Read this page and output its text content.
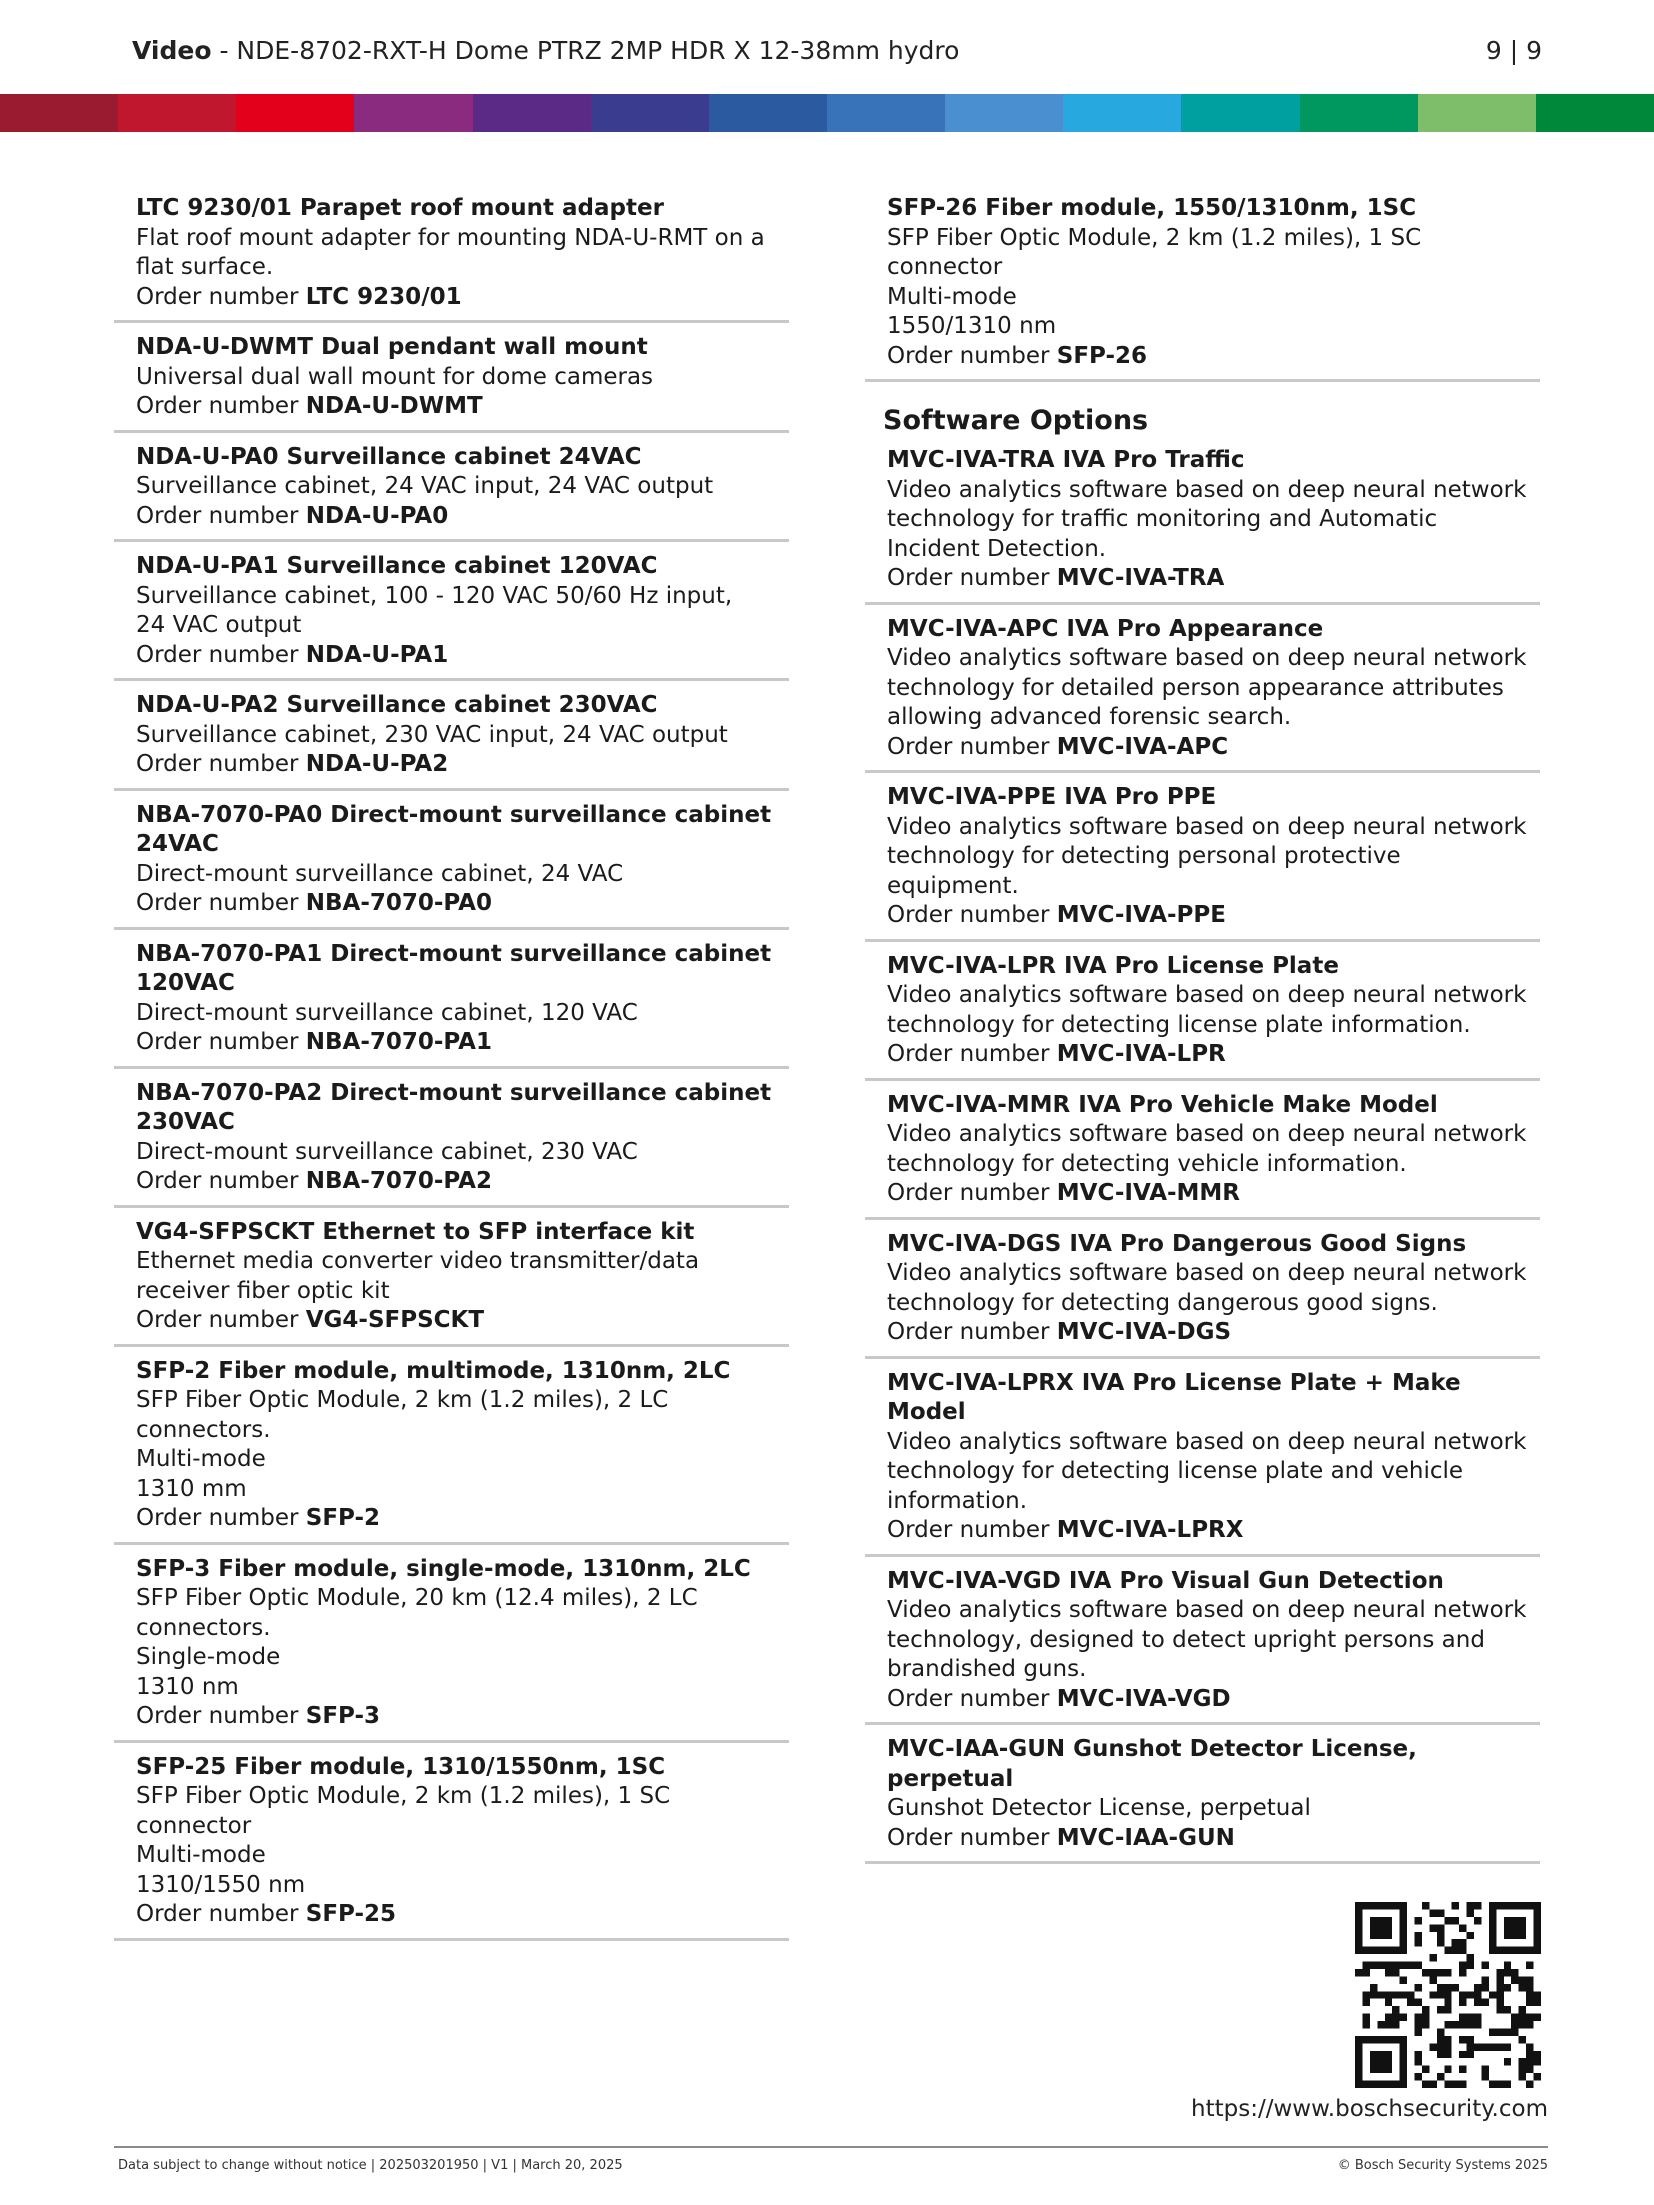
Video - NDE-8702-RXT-H Dome PTRZ 2MP HDR X 12-38mm hydro	9 | 9
LTC 9230/01 Parapet roof mount adapter
Flat roof mount adapter for mounting NDA-U-RMT on a
flat surface.
Order number LTC 9230/01
NDA-U-DWMT Dual pendant wall mount
Universal dual wall mount for dome cameras
Order number NDA-U-DWMT
NDA-U-PA0 Surveillance cabinet 24VAC
Surveillance cabinet, 24 VAC input, 24 VAC output
Order number NDA-U-PA0
NDA-U-PA1 Surveillance cabinet 120VAC
Surveillance cabinet, 100 - 120 VAC 50/60 Hz input,
24 VAC output
Order number NDA-U-PA1
NDA-U-PA2 Surveillance cabinet 230VAC
Surveillance cabinet, 230 VAC input, 24 VAC output
Order number NDA-U-PA2
NBA-7070-PA0 Direct-mount surveillance cabinet 24VAC
Direct-mount surveillance cabinet, 24 VAC
Order number NBA-7070-PA0
NBA-7070-PA1 Direct-mount surveillance cabinet 120VAC
Direct-mount surveillance cabinet, 120 VAC
Order number NBA-7070-PA1
NBA-7070-PA2 Direct-mount surveillance cabinet 230VAC
Direct-mount surveillance cabinet, 230 VAC
Order number NBA-7070-PA2
VG4-SFPSCKT Ethernet to SFP interface kit
Ethernet media converter video transmitter/data
receiver fiber optic kit
Order number VG4-SFPSCKT
SFP-2 Fiber module, multimode, 1310nm, 2LC
SFP Fiber Optic Module, 2 km (1.2 miles), 2 LC
connectors.
Multi-mode
1310 mm
Order number SFP-2
SFP-3 Fiber module, single-mode, 1310nm, 2LC
SFP Fiber Optic Module, 20 km (12.4 miles), 2 LC
connectors.
Single-mode
1310 nm
Order number SFP-3
SFP-25 Fiber module, 1310/1550nm, 1SC
SFP Fiber Optic Module, 2 km (1.2 miles), 1 SC
connector
Multi-mode
1310/1550 nm
Order number SFP-25
SFP-26 Fiber module, 1550/1310nm, 1SC
SFP Fiber Optic Module, 2 km (1.2 miles), 1 SC
connector
Multi-mode
1550/1310 nm
Order number SFP-26
Software Options
MVC-IVA-TRA IVA Pro Traffic
Video analytics software based on deep neural network
technology for traffic monitoring and Automatic
Incident Detection.
Order number MVC-IVA-TRA
MVC-IVA-APC IVA Pro Appearance
Video analytics software based on deep neural network
technology for detailed person appearance attributes
allowing advanced forensic search.
Order number MVC-IVA-APC
MVC-IVA-PPE IVA Pro PPE
Video analytics software based on deep neural network
technology for detecting personal protective
equipment.
Order number MVC-IVA-PPE
MVC-IVA-LPR IVA Pro License Plate
Video analytics software based on deep neural network
technology for detecting license plate information.
Order number MVC-IVA-LPR
MVC-IVA-MMR IVA Pro Vehicle Make Model
Video analytics software based on deep neural network
technology for detecting vehicle information.
Order number MVC-IVA-MMR
MVC-IVA-DGS IVA Pro Dangerous Good Signs
Video analytics software based on deep neural network
technology for detecting dangerous good signs.
Order number MVC-IVA-DGS
MVC-IVA-LPRX IVA Pro License Plate + Make Model
Video analytics software based on deep neural network
technology for detecting license plate and vehicle
information.
Order number MVC-IVA-LPRX
MVC-IVA-VGD IVA Pro Visual Gun Detection
Video analytics software based on deep neural network
technology, designed to detect upright persons and
brandished guns.
Order number MVC-IVA-VGD
MVC-IAA-GUN Gunshot Detector License, perpetual
Gunshot Detector License, perpetual
Order number MVC-IAA-GUN
https://www.boschsecurity.com
Data subject to change without notice | 202503201950 | V1 | March 20, 2025	© Bosch Security Systems 2025
